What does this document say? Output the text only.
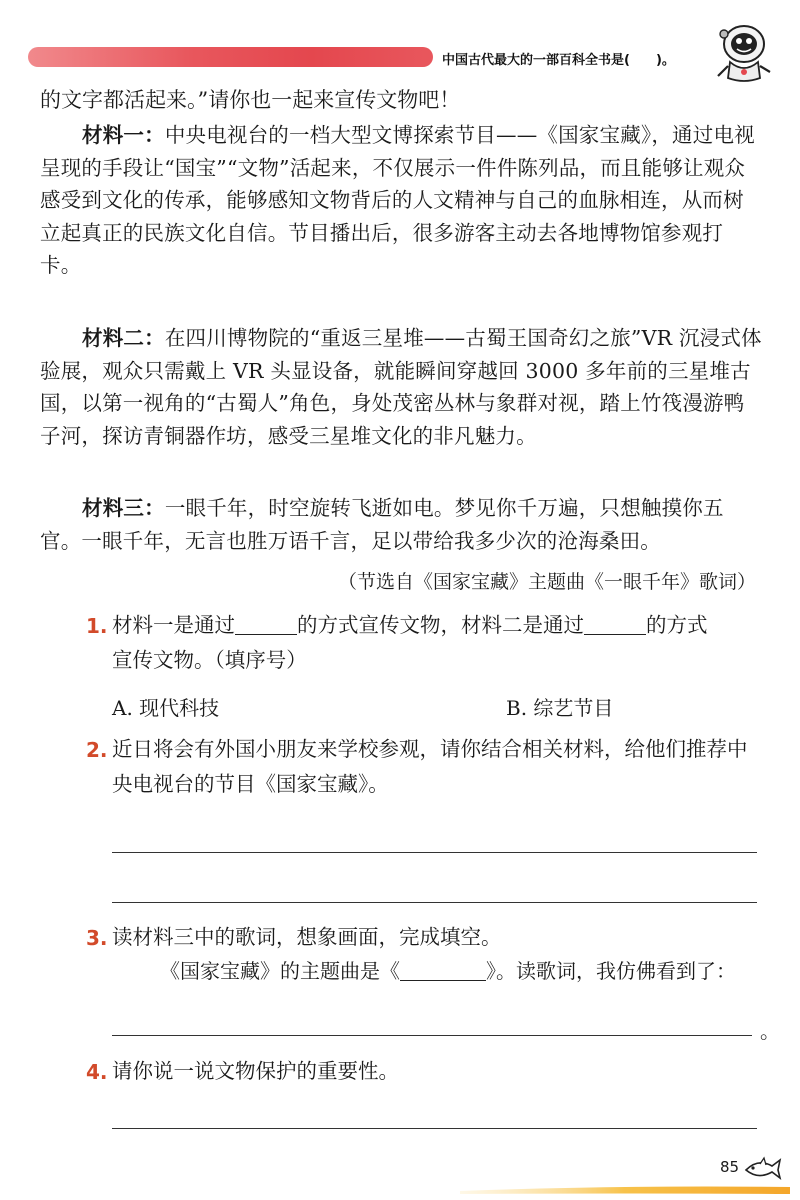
中国古代最大的一部百科全书是(　　)。
的文字都活起来。”请你也一起来宣传文物吧！
材料一：中央电视台的一档大型文博探索节目——《国家宝藏》，通过电视呈现的手段让“国宝”“文物”活起来，不仅展示一件件陈列品，而且能够让观众感受到文化的传承，能够感知文物背后的人文精神与自己的血脉相连，从而树立起真正的民族文化自信。节目播出后，很多游客主动去各地博物馆参观打卡。
材料二：在四川博物院的“重返三星堆——古蜀王国奇幻之旅”VR 沉浸式体验展，观众只需戴上 VR 头显设备，就能瞬间穿越回 3000 多年前的三星堆古国，以第一视角的“古蜀人”角色，身处茂密丛林与象群对视，踏上竹筏漫游鸭子河，探访青铜器作坊，感受三星堆文化的非凡魅力。
材料三：一眼千年，时空旋转飞逝如电。梦见你千万遍，只想触摸你五官。一眼千年，无言也胜万语千言，足以带给我多少次的沧海桑田。
（节选自《国家宝藏》主题曲《一眼千年》歌词）
1. 材料一是通过	的方式宣传文物，材料二是通过	的方式
宣传文物。（填序号）
A. 现代科技	B. 综艺节目
2. 近日将会有外国小朋友来学校参观，请你结合相关材料，给他们推荐中央电视台的节目《国家宝藏》。
3. 读材料三中的歌词，想象画面，完成填空。
《国家宝藏》的主题曲是《	》。读歌词，我仿佛看到了：
。
4. 请你说一说文物保护的重要性。
85
